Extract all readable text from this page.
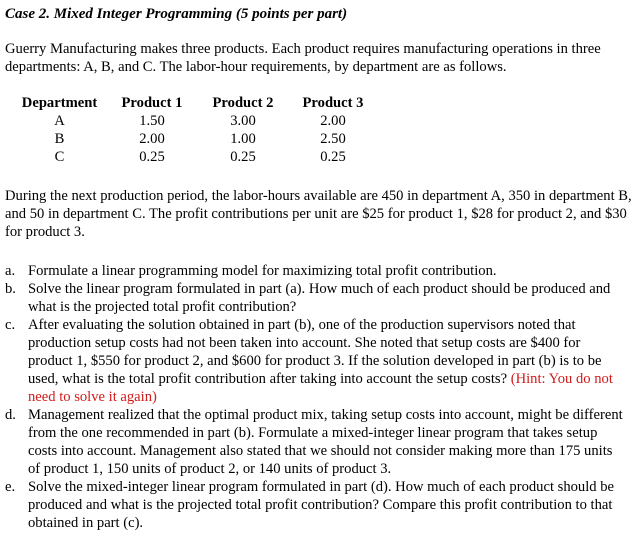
Case 2. Mixed Integer Programming (5 points per part)

Guerry Manufacturing makes three products. Each product requires manufacturing operations in three departments: A, B, and C. The labor-hour requirements, by department are as follows.

Department	Product 1	Product 2	Product 3
A	1.50	3.00	2.00
B	2.00	1.00	2.50
C	0.25	0.25	0.25

During the next production period, the labor-hours available are 450 in department A, 350 in department B, and 50 in department C. The profit contributions per unit are $25 for product 1, $28 for product 2, and $30 for product 3.

a. Formulate a linear programming model for maximizing total profit contribution.
b. Solve the linear program formulated in part (a). How much of each product should be produced and what is the projected total profit contribution?
c. After evaluating the solution obtained in part (b), one of the production supervisors noted that production setup costs had not been taken into account. She noted that setup costs are $400 for product 1, $550 for product 2, and $600 for product 3. If the solution developed in part (b) is to be used, what is the total profit contribution after taking into account the setup costs? (Hint: You do not need to solve it again)
d. Management realized that the optimal product mix, taking setup costs into account, might be different from the one recommended in part (b). Formulate a mixed-integer linear program that takes setup costs into account. Management also stated that we should not consider making more than 175 units of product 1, 150 units of product 2, or 140 units of product 3.
e. Solve the mixed-integer linear program formulated in part (d). How much of each product should be produced and what is the projected total profit contribution? Compare this profit contribution to that obtained in part (c).
